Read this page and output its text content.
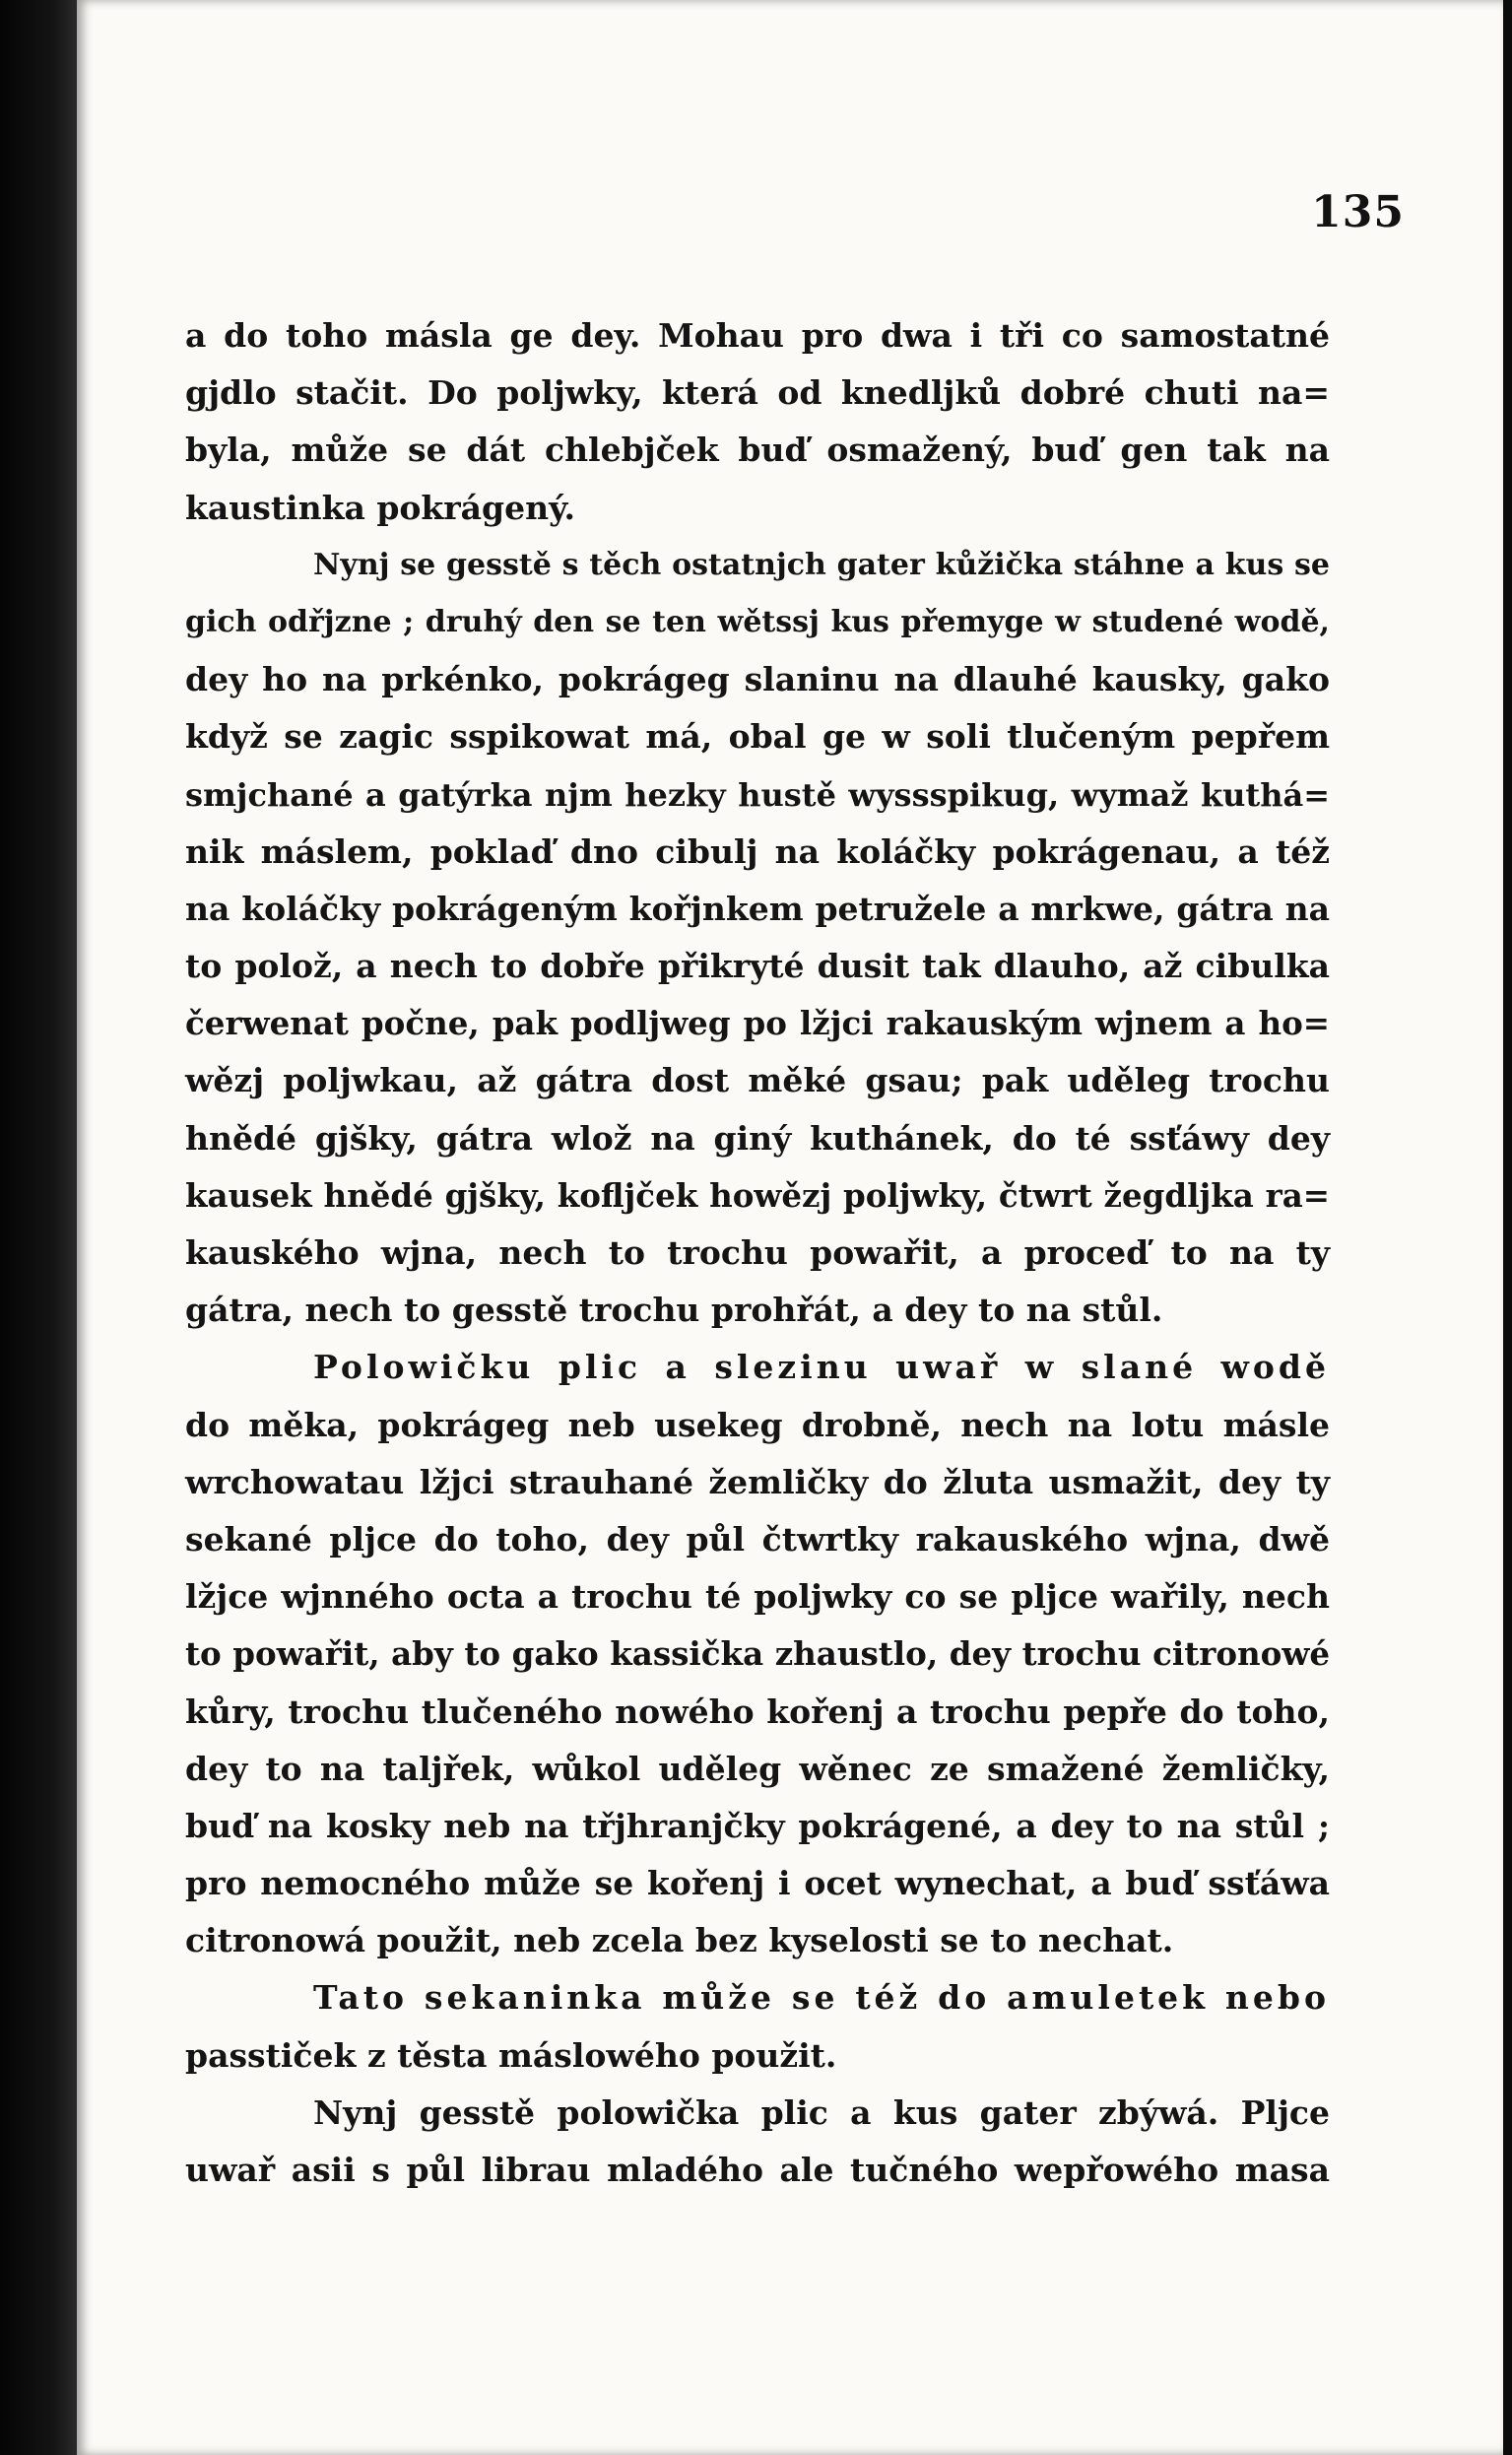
135
a do toho másla ge dey. Mohau pro dwa i tři co samostatné
gjdlo stačit. Do poljwky, která od knedljků dobré chuti na=
byla, může se dát chlebjček buď osmažený, buď gen tak na
kaustinka pokrágený.
Nynj se gesstě s těch ostatnjch gater kůžička stáhne a kus se
gich odřjzne ; druhý den se ten wětssj kus přemyge w studené wodě,
dey ho na prkénko, pokrágeg slaninu na dlauhé kausky, gako
když se zagic sspikowat má, obal ge w soli tlučeným pepřem
smjchané a gatýrka njm hezky hustě wyssspikug, wymaž kuthá=
nik máslem, poklaď dno cibulj na koláčky pokrágenau, a též
na koláčky pokrágeným kořjnkem petružele a mrkwe, gátra na
to polož, a nech to dobře přikryté dusit tak dlauho, až cibulka
čerwenat počne, pak podljweg po lžjci rakauským wjnem a ho=
wězj poljwkau, až gátra dost měké gsau; pak uděleg trochu
hnědé gjšky, gátra wlož na giný kuthánek, do té ssťáwy dey
kausek hnědé gjšky, kofljček howězj poljwky, čtwrt žegdljka ra=
kauského wjna, nech to trochu powařit, a proceď to na ty
gátra, nech to gesstě trochu prohřát, a dey to na stůl.
Polowičku plic a slezinu uwař w slané wodě
do měka, pokrágeg neb usekeg drobně, nech na lotu másle
wrchowatau lžjci strauhané žemličky do žluta usmažit, dey ty
sekané pljce do toho, dey půl čtwrtky rakauského wjna, dwě
lžjce wjnného octa a trochu té poljwky co se pljce wařily, nech
to powařit, aby to gako kassička zhaustlo, dey trochu citronowé
kůry, trochu tlučeného nowého kořenj a trochu pepře do toho,
dey to na taljřek, wůkol uděleg wěnec ze smažené žemličky,
buď na kosky neb na třjhranjčky pokrágené, a dey to na stůl ;
pro nemocného může se kořenj i ocet wynechat, a buď ssťáwa
citronowá použit, neb zcela bez kyselosti se to nechat.
Tato sekaninka může se též do amuletek nebo
passtiček z těsta máslowého použit.
Nynj gesstě polowička plic a kus gater zbýwá. Pljce
uwař asii s půl librau mladého ale tučného wepřowého masa
